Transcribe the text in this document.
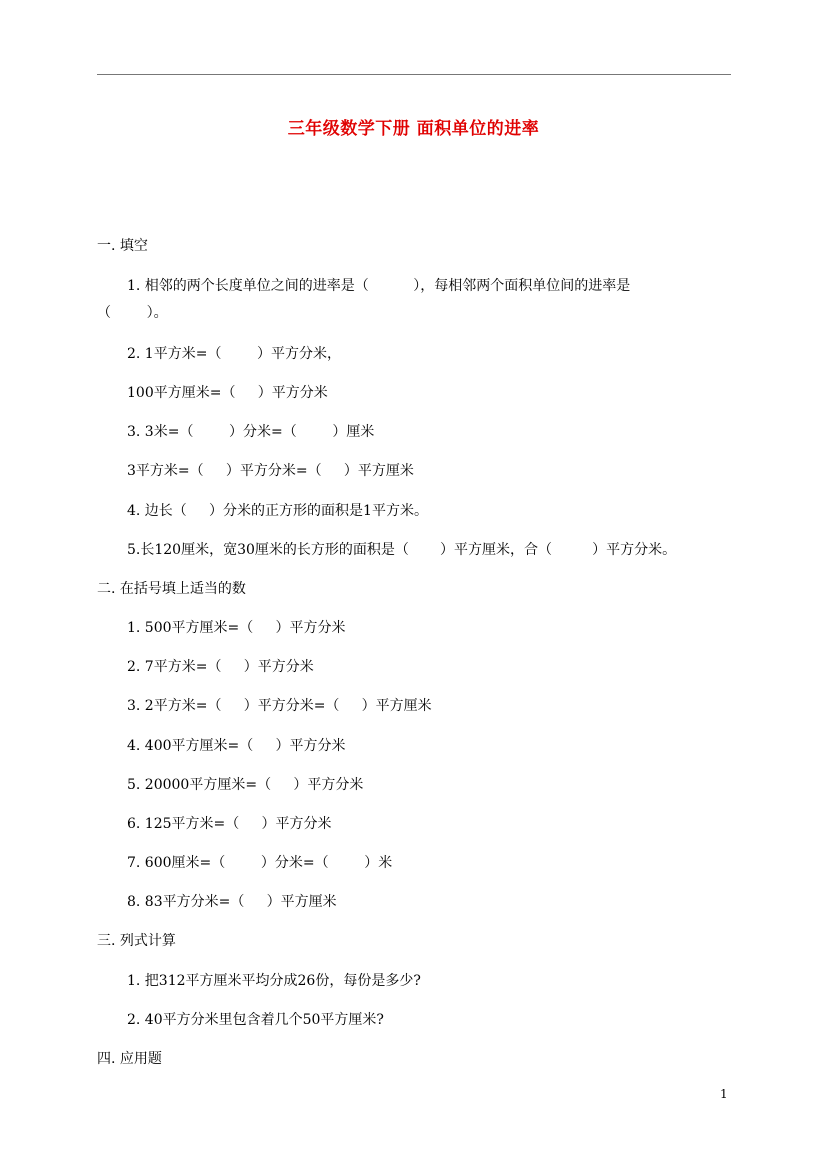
三年级数学下册 面积单位的进率
一. 填空
1. 相邻的两个长度单位之间的进率是（          ），每相邻两个面积单位间的进率是
（        ）。
2. 1平方米=（        ）平方分米，
100平方厘米=（     ）平方分米
3. 3米=（        ）分米=（        ）厘米
3平方米=（     ）平方分米=（     ）平方厘米
4. 边长（     ）分米的正方形的面积是1平方米。
5.长120厘米，宽30厘米的长方形的面积是（       ）平方厘米，合（         ）平方分米。
二. 在括号填上适当的数
1. 500平方厘米=（     ）平方分米
2. 7平方米=（     ）平方分米
3. 2平方米=（     ）平方分米=（     ）平方厘米
4. 400平方厘米=（     ）平方分米
5. 20000平方厘米=（     ）平方分米
6. 125平方米=（     ）平方分米
7. 600厘米=（        ）分米=（        ）米
8. 83平方分米=（     ）平方厘米
三. 列式计算
1. 把312平方厘米平均分成26份，每份是多少?
2. 40平方分米里包含着几个50平方厘米?
四. 应用题
1
